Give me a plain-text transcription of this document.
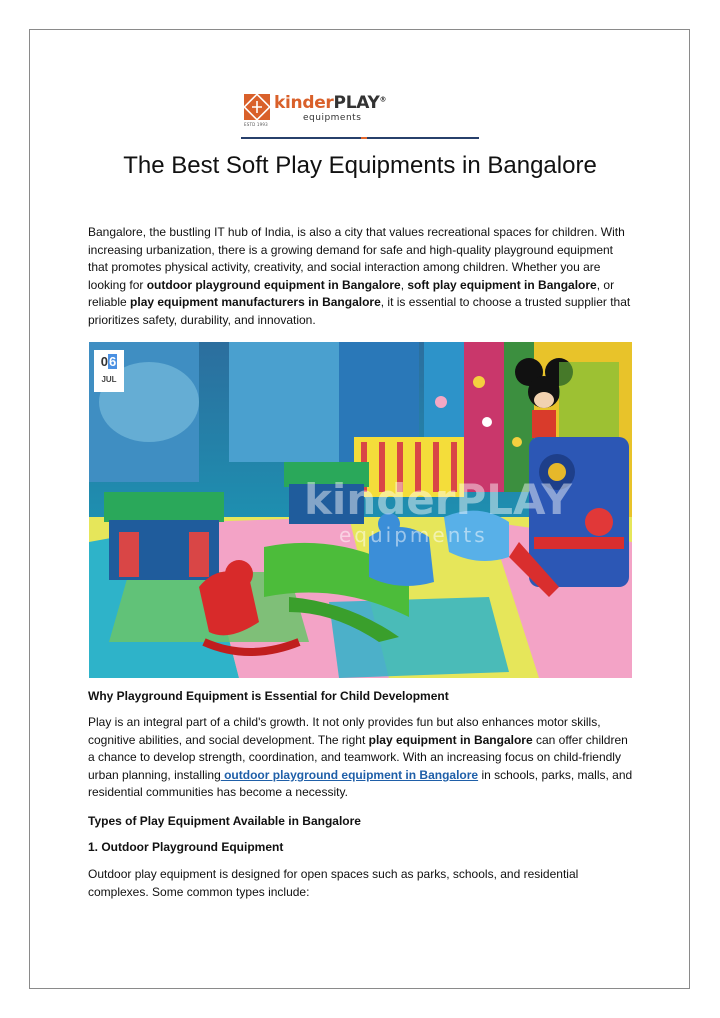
ESTD 1993
kinderPLAY®
equipments
The Best Soft Play Equipments in Bangalore

Bangalore, the bustling IT hub of India, is also a city that values recreational spaces for children. With increasing urbanization, there is a growing demand for safe and high-quality playground equipment that promotes physical activity, creativity, and social interaction among children. Whether you are looking for outdoor playground equipment in Bangalore, soft play equipment in Bangalore, or reliable play equipment manufacturers in Bangalore, it is essential to choose a trusted supplier that prioritizes safety, durability, and innovation.

kinderPLAY
equipments
06
JUL

Why Playground Equipment is Essential for Child Development

Play is an integral part of a child's growth. It not only provides fun but also enhances motor skills, cognitive abilities, and social development. The right play equipment in Bangalore can offer children a chance to develop strength, coordination, and teamwork. With an increasing focus on child-friendly urban planning, installing outdoor playground equipment in Bangalore in schools, parks, malls, and residential communities has become a necessity.

Types of Play Equipment Available in Bangalore

1. Outdoor Playground Equipment

Outdoor play equipment is designed for open spaces such as parks, schools, and residential complexes. Some common types include:
